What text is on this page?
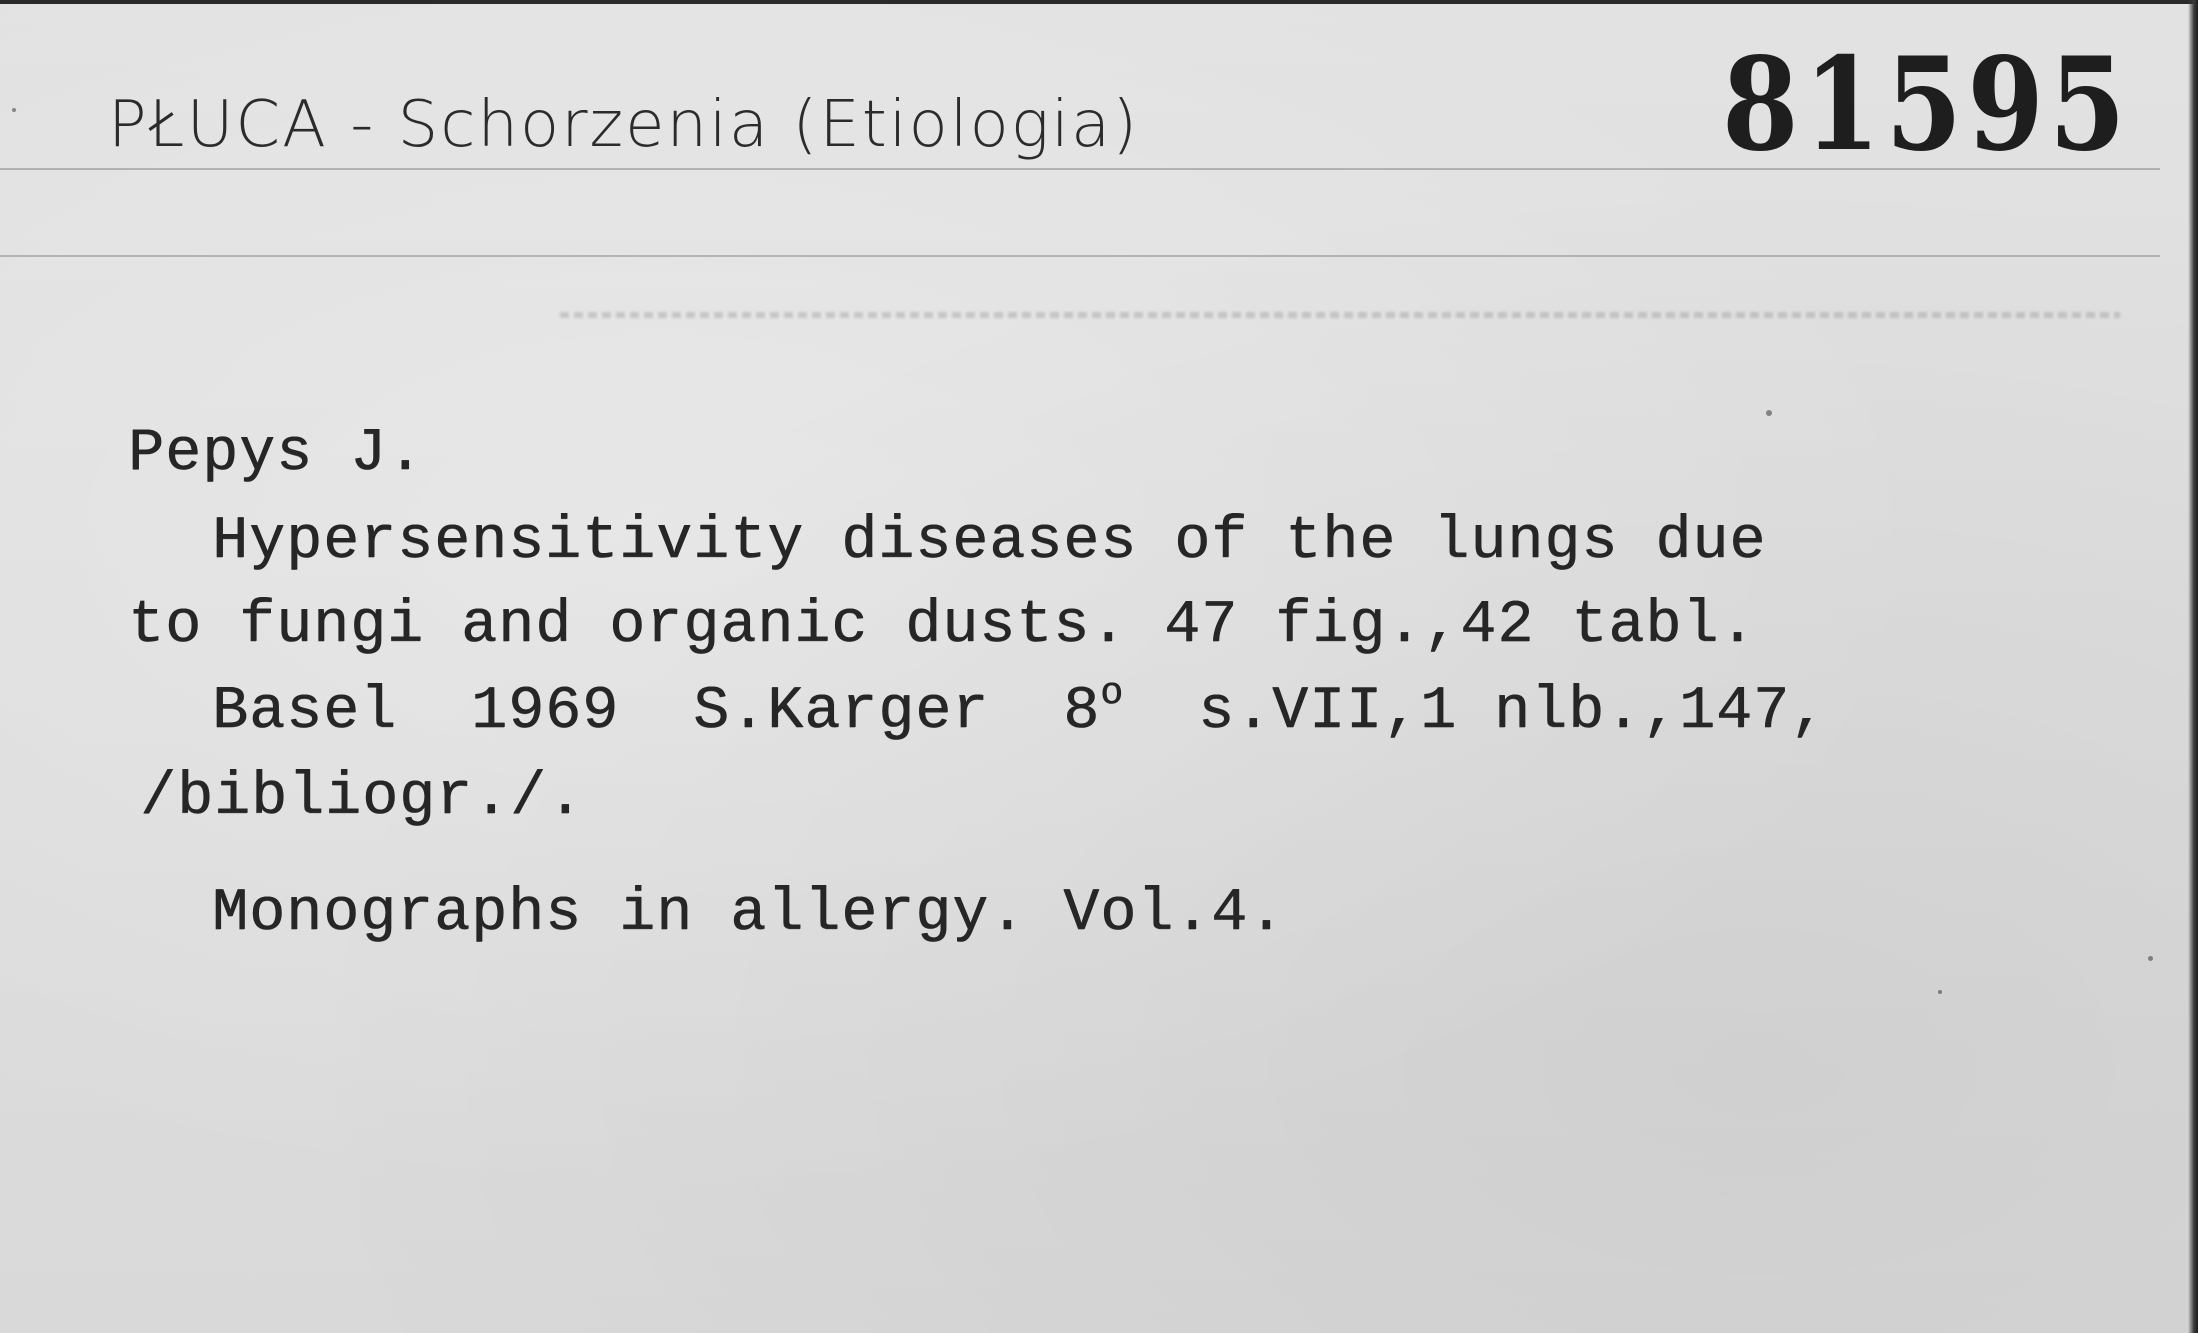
PŁUCA - Schorzenia (Etiologia)	81595
Pepys J.
Hypersensitivity diseases of the lungs due
to fungi and organic dusts. 47 fig.,42 tabl.
Basel  1969  S.Karger  8$^o$  s.VII,1 nlb.,147,
/bibliogr./.
Monographs in allergy. Vol.4.
